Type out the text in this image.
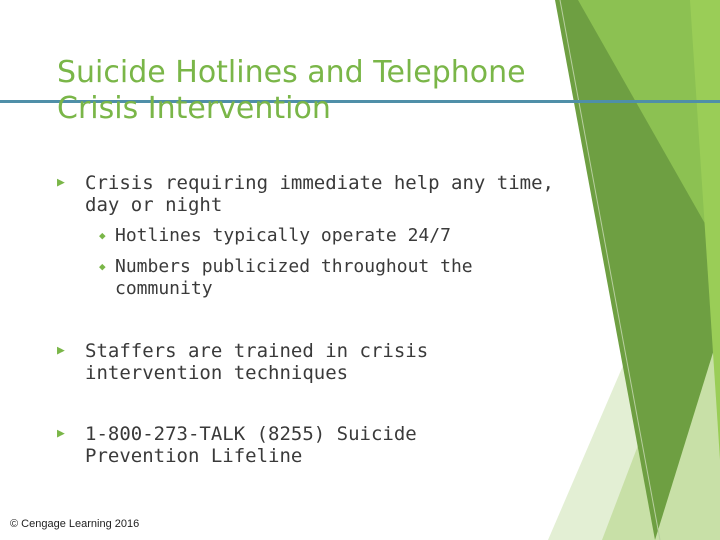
Suicide Hotlines and Telephone Crisis Intervention
▶	Crisis requiring immediate help any time, day or night
◆ Hotlines typically operate 24/7
◆ Numbers publicized throughout the community
▶	Staffers are trained in crisis intervention techniques
▶	1-800-273-TALK (8255) Suicide Prevention Lifeline
© Cengage Learning 2016
